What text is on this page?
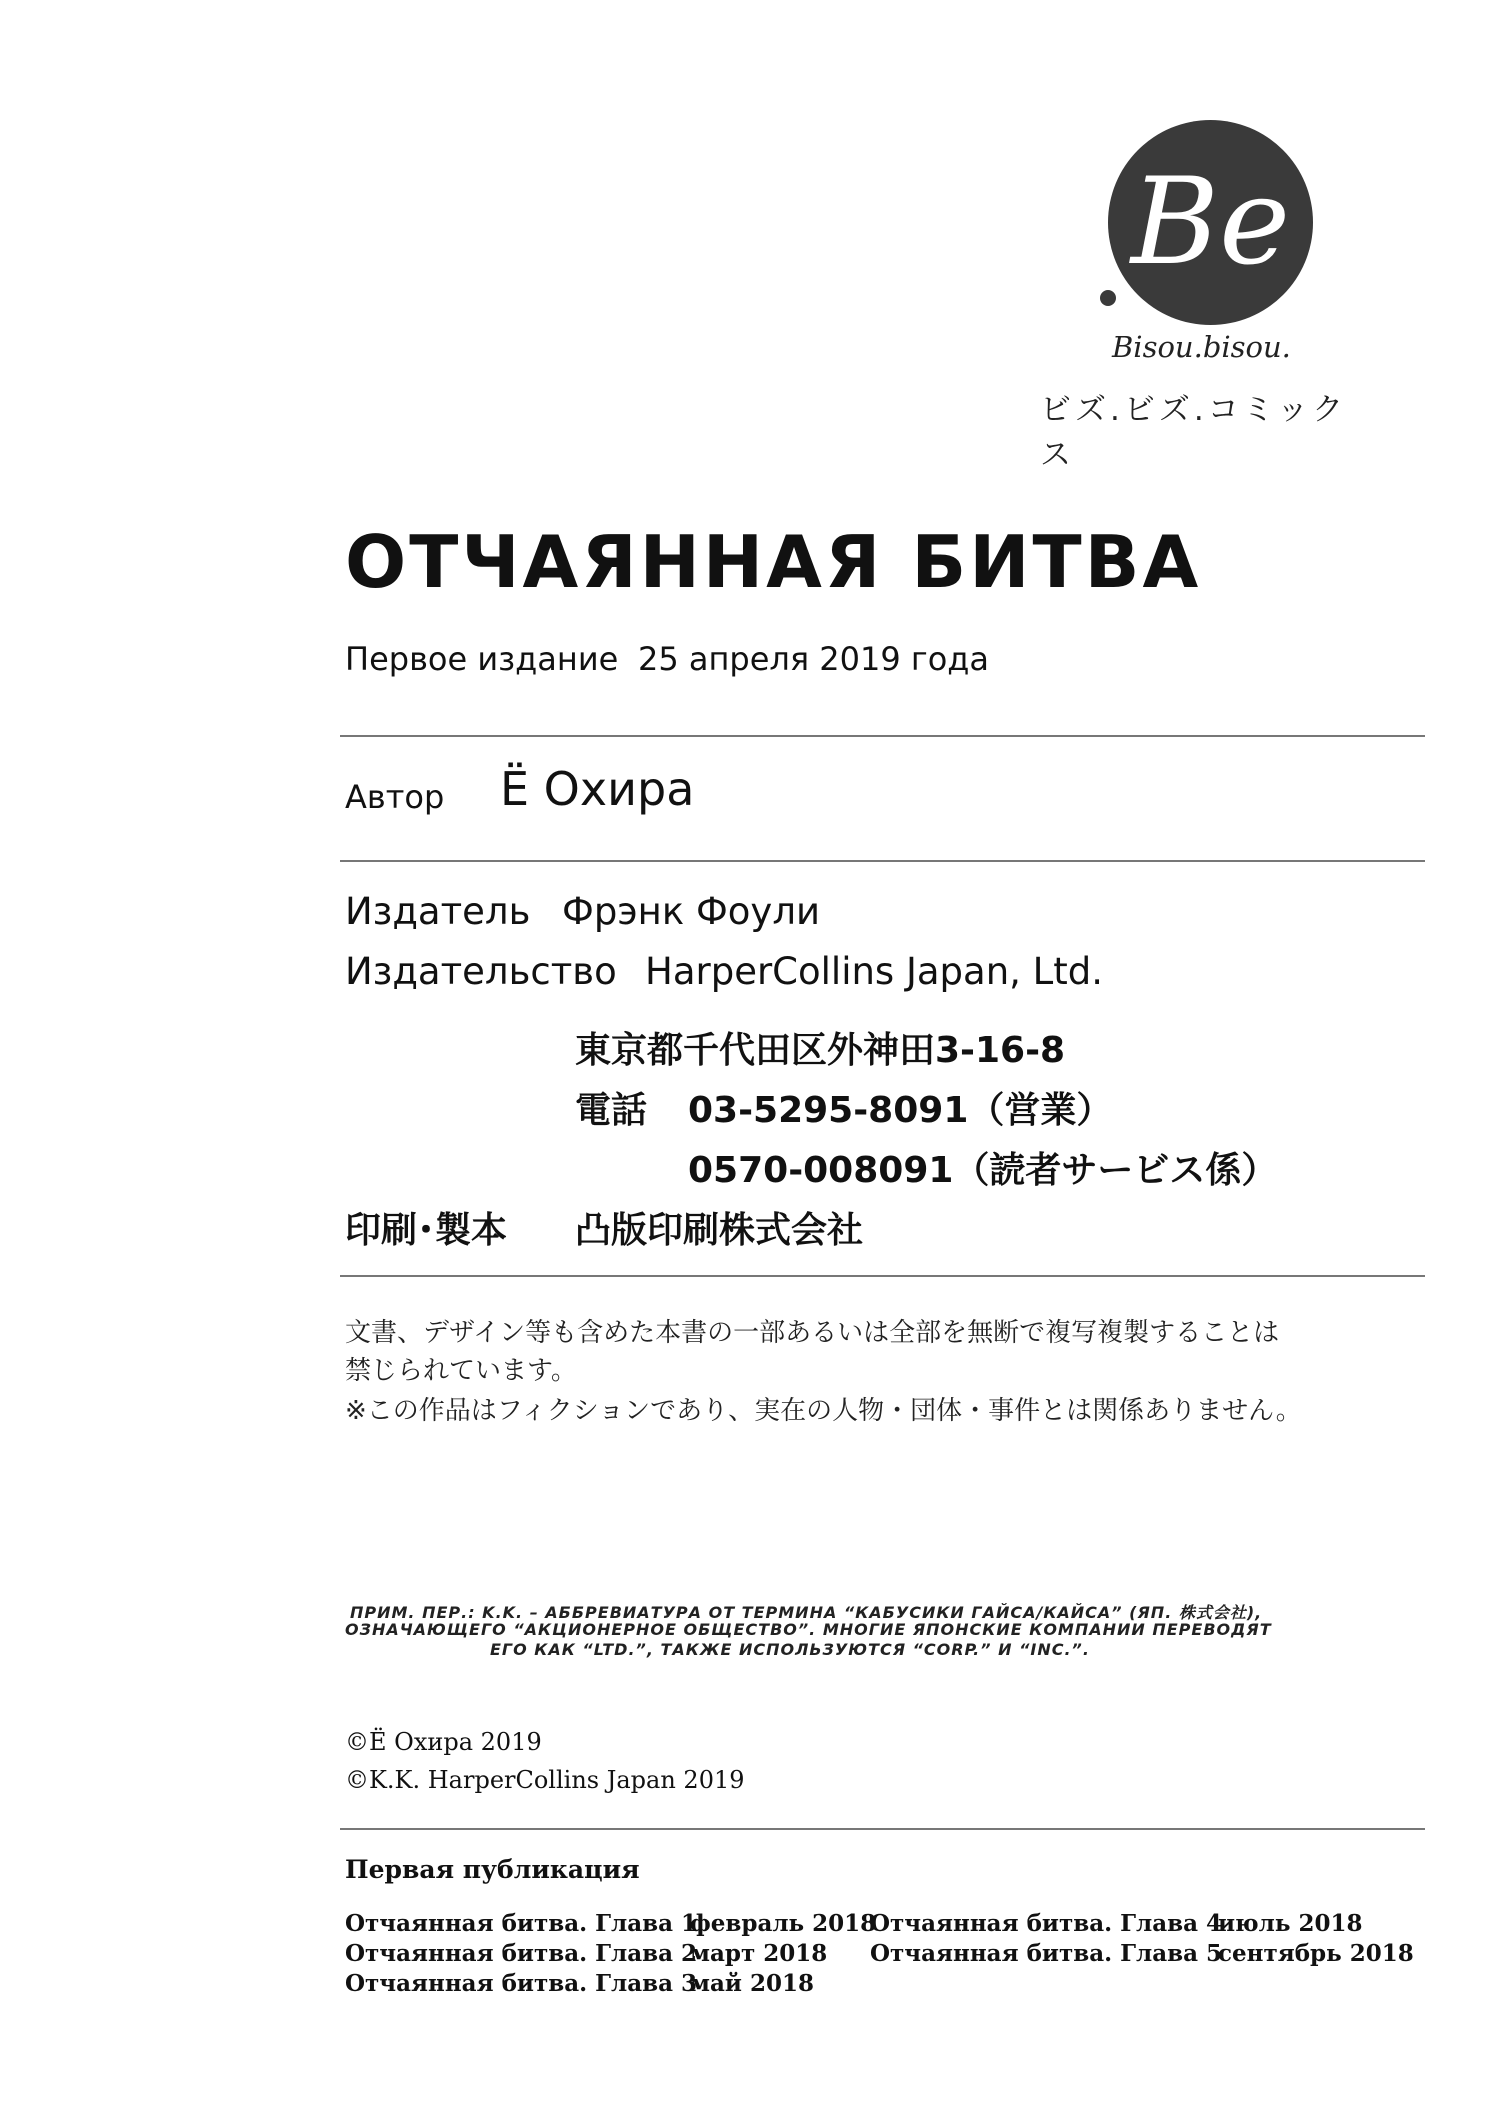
Be
Bisou.bisou.
ビズ.ビズ.コミックス
ОТЧАЯННАЯ БИТВА
Первое издание 25 апреля 2019 года
Автор Ё Охира
Издатель Фрэнк Фоули
Издательство HarperCollins Japan, Ltd.
東京都千代田区外神田3-16-8
電話 03-5295-8091（営業）
0570-008091（読者サービス係）
印刷･製本 凸版印刷株式会社
文書、デザイン等も含めた本書の一部あるいは全部を無断で複写複製することは
禁じられています。
※この作品はフィクションであり、実在の人物・団体・事件とは関係ありません。
ПРИМ. ПЕР.: K.K. – АББРЕВИАТУРА ОТ ТЕРМИНА “КАБУСИКИ ГАЙСА/КАЙСА” (ЯП. 株式会社),
ОЗНАЧАЮЩЕГО “АКЦИОНЕРНОЕ ОБЩЕСТВО”. МНОГИЕ ЯПОНСКИЕ КОМПАНИИ ПЕРЕВОДЯТ
ЕГО КАК “LTD.”, ТАКЖЕ ИСПОЛЬЗУЮТСЯ “CORP.” И “INC.”.
©Ё Охира 2019
©K.K. HarperCollins Japan 2019
Первая публикация
Отчаянная битва. Глава 1
февраль 2018
Отчаянная битва. Глава 2
март 2018
Отчаянная битва. Глава 3
май 2018
Отчаянная битва. Глава 4
июль 2018
Отчаянная битва. Глава 5
сентябрь 2018
